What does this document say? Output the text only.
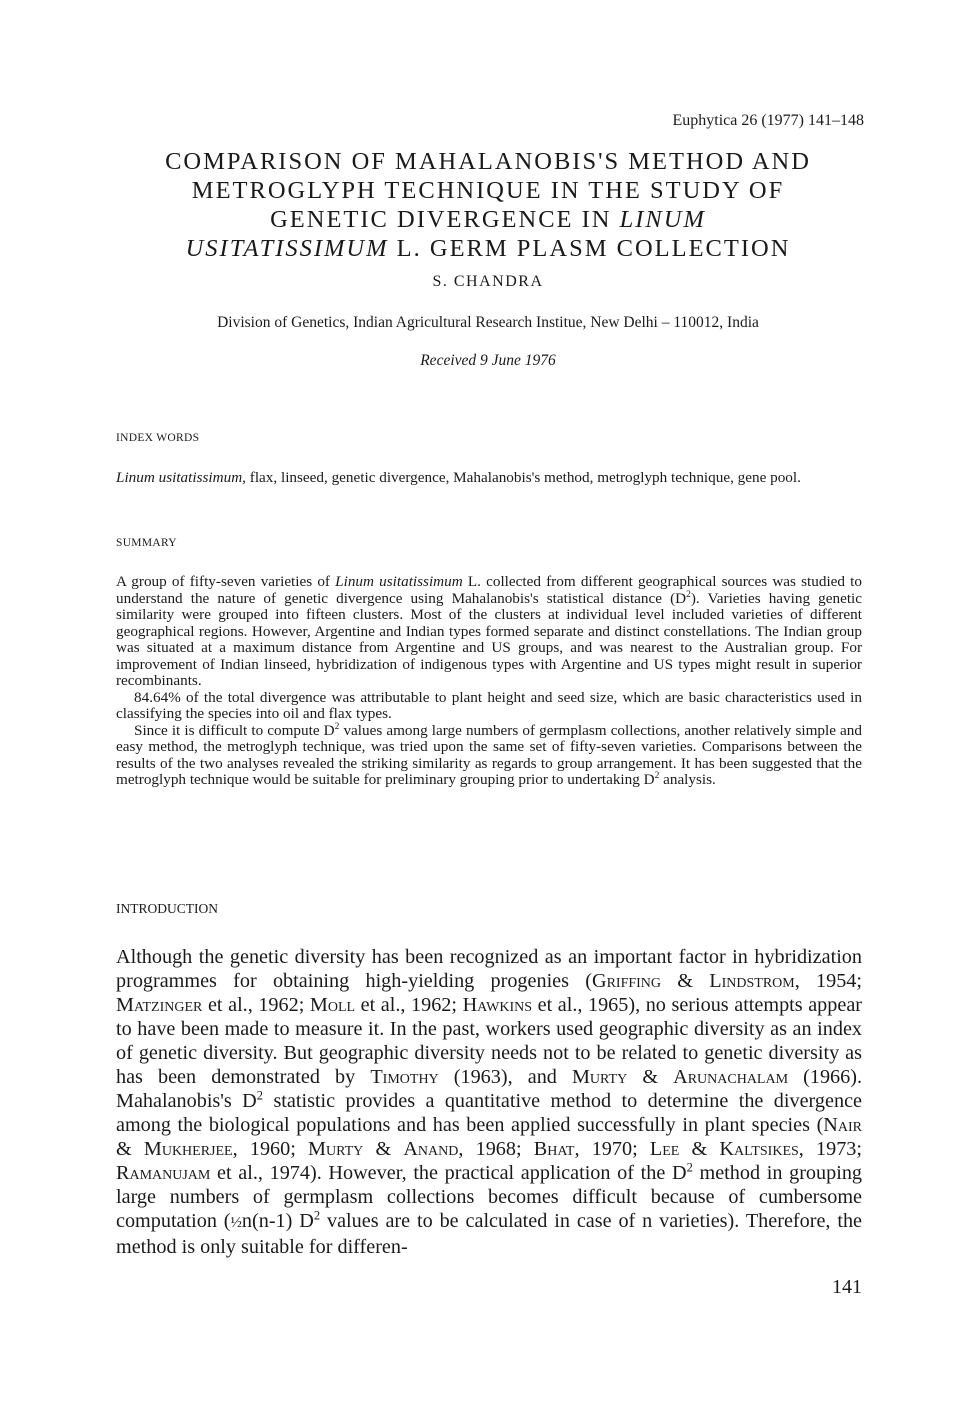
Euphytica 26 (1977) 141–148
COMPARISON OF MAHALANOBIS'S METHOD AND
METROGLYPH TECHNIQUE IN THE STUDY OF
GENETIC DIVERGENCE IN LINUM
USITATISSIMUM L. GERM PLASM COLLECTION
S. CHANDRA
Division of Genetics, Indian Agricultural Research Institue, New Delhi – 110012, India
Received 9 June 1976
INDEX WORDS
Linum usitatissimum, flax, linseed, genetic divergence, Mahalanobis's method, metroglyph technique, gene pool.
SUMMARY

A group of fifty-seven varieties of Linum usitatissimum L. collected from different geographical sources was studied to understand the nature of genetic divergence using Mahalanobis's statistical distance $(D^2)$. Varieties having genetic similarity were grouped into fifteen clusters. Most of the clusters at individual level included varieties of different geographical regions. However, Argentine and Indian types formed separate and distinct constellations. The Indian group was situated at a maximum distance from Argentine and US groups, and was nearest to the Australian group. For improvement of Indian linseed, hybridization of indigenous types with Argentine and US types might result in superior recombinants.

84.64% of the total divergence was attributable to plant height and seed size, which are basic characteristics used in classifying the species into oil and flax types.

Since it is difficult to compute $D^2$ values among large numbers of germplasm collections, another relatively simple and easy method, the metroglyph technique, was tried upon the same set of fifty-seven varieties. Comparisons between the results of the two analyses revealed the striking similarity as regards to group arrangement. It has been suggested that the metroglyph technique would be suitable for preliminary grouping prior to undertaking $D^2$ analysis.

INTRODUCTION
Although the genetic diversity has been recognized as an important factor in hybridization programmes for obtaining high-yielding progenies (Griffing & Lindstrom, 1954; Matzinger et al., 1962; Moll et al., 1962; Hawkins et al., 1965), no serious attempts appear to have been made to measure it. In the past, workers used geographic diversity as an index of genetic diversity. But geographic diversity needs not to be related to genetic diversity as has been demonstrated by Timothy (1963), and Murty & Arunachalam (1966). Mahalanobis's $D^2$ statistic provides a quantitative method to determine the divergence among the biological populations and has been applied successfully in plant species (Nair & Mukherjee, 1960; Murty & Anand, 1968; Bhat, 1970; Lee & Kaltsikes, 1973; Ramanujam et al., 1974). However, the practical application of the $D^2$ method in grouping large numbers of germplasm collections becomes difficult because of cumbersome computation (½n(n-1) $D^2$ values are to be calculated in case of n varieties). Therefore, the method is only suitable for differen-
141
